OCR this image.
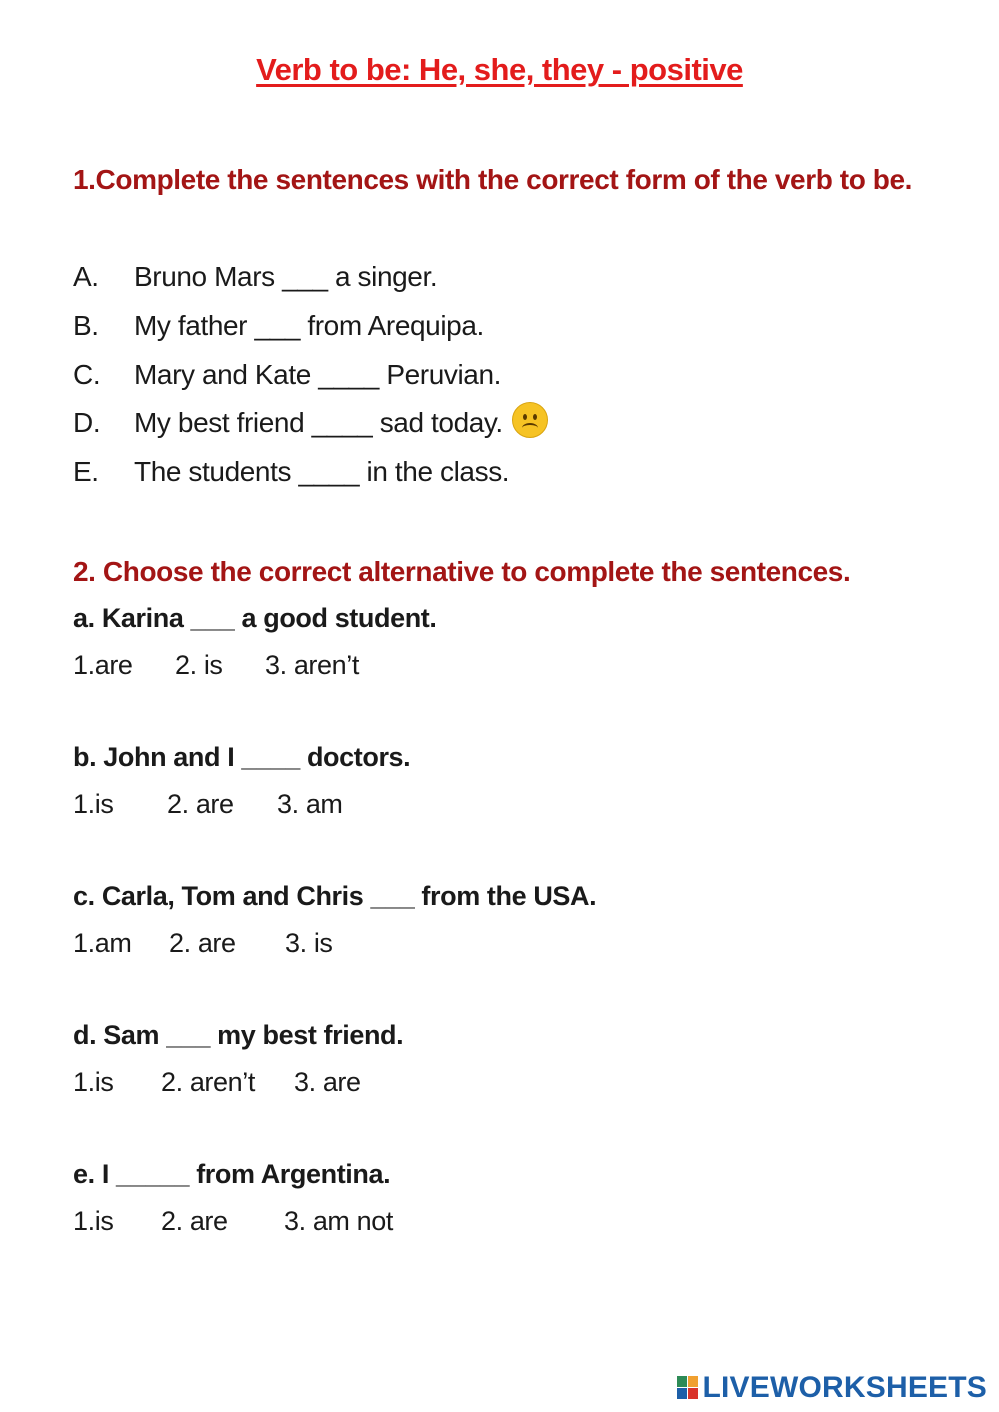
Verb to be: He, she, they - positive
1.Complete the sentences with the correct form of the verb to be.
A. Bruno Mars ___ a singer.
B. My father ___ from Arequipa.
C. Mary and Kate ____ Peruvian.
D. My best friend ____ sad today.
E. The students ____ in the class.
2. Choose the correct alternative to complete the sentences.
a. Karina ___ a good student.
1.are 2. is 3. aren’t
b. John and I ____ doctors.
1.is 2. are 3. am
c. Carla, Tom and Chris ___ from the USA.
1.am 2. are 3. is
d. Sam ___ my best friend.
1.is 2. aren’t 3. are
e. I _____ from Argentina.
1.is 2. are 3. am not
LIVEWORKSHEETS
